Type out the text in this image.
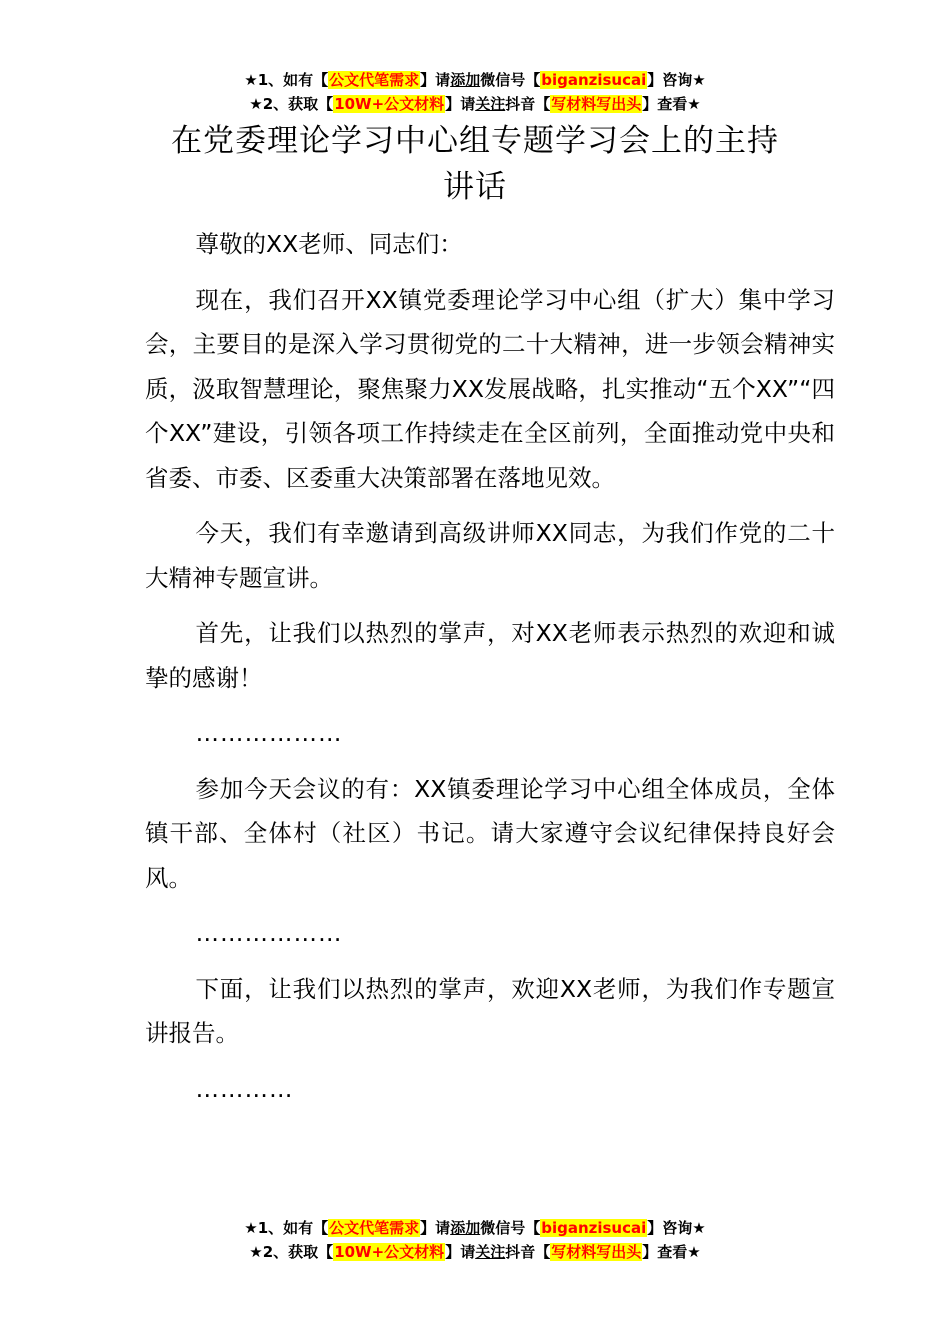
★1、如有【公文代笔需求】请添加微信号【biganzisucai】咨询★
★2、获取【10W+公文材料】请关注抖音【写材料写出头】查看★
在党委理论学习中心组专题学习会上的主持
讲话

尊敬的XX老师、同志们：

现在，我们召开XX镇党委理论学习中心组（扩大）集中学习会，主要目的是深入学习贯彻党的二十大精神，进一步领会精神实质，汲取智慧理论，聚焦聚力XX发展战略，扎实推动“五个XX”“四个XX”建设，引领各项工作持续走在全区前列，全面推动党中央和省委、市委、区委重大决策部署在落地见效。

今天，我们有幸邀请到高级讲师XX同志，为我们作党的二十大精神专题宣讲。

首先，让我们以热烈的掌声，对XX老师表示热烈的欢迎和诚挚的感谢！

………………

参加今天会议的有：XX镇委理论学习中心组全体成员，全体镇干部、全体村（社区）书记。请大家遵守会议纪律保持良好会风。

………………

下面，让我们以热烈的掌声，欢迎XX老师，为我们作专题宣讲报告。

…………

★1、如有【公文代笔需求】请添加微信号【biganzisucai】咨询★
★2、获取【10W+公文材料】请关注抖音【写材料写出头】查看★
